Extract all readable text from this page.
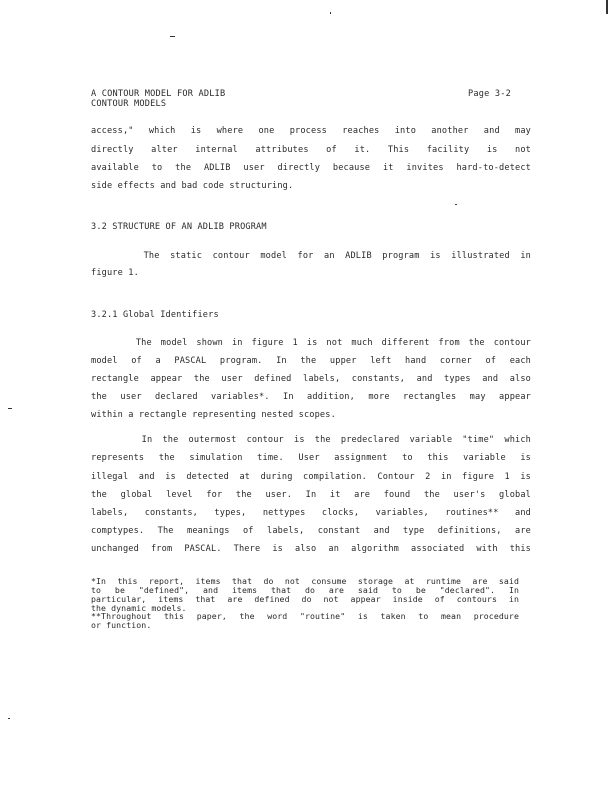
A CONTOUR MODEL FOR ADLIB
CONTOUR MODELS
Page 3-2
access," which is where one process reaches into another and may
directly alter internal attributes of it. This facility is not
available to the ADLIB user directly because it invites hard-to-detect
side effects and bad code structuring.
3.2 STRUCTURE OF AN ADLIB PROGRAM
The static contour model for an ADLIB program is illustrated in
figure 1.
3.2.1 Global Identifiers
The model shown in figure 1 is not much different from the contour
model of a PASCAL program. In the upper left hand corner of each
rectangle appear the user defined labels, constants, and types and also
the user declared variables*. In addition, more rectangles may appear
within a rectangle representing nested scopes.
In the outermost contour is the predeclared variable "time" which
represents the simulation time. User assignment to this variable is
illegal and is detected at during compilation. Contour 2 in figure 1 is
the global level for the user. In it are found the user's global
labels, constants, types, nettypes clocks, variables, routines** and
comptypes. The meanings of labels, constant and type definitions, are
unchanged from PASCAL. There is also an algorithm associated with this
*In this report, items that do not consume storage at runtime are said
to be "defined", and items that do are said to be "declared". In
particular, items that are defined do not appear inside of contours in
the dynamic models.
**Throughout this paper, the word "routine" is taken to mean procedure
or function.
